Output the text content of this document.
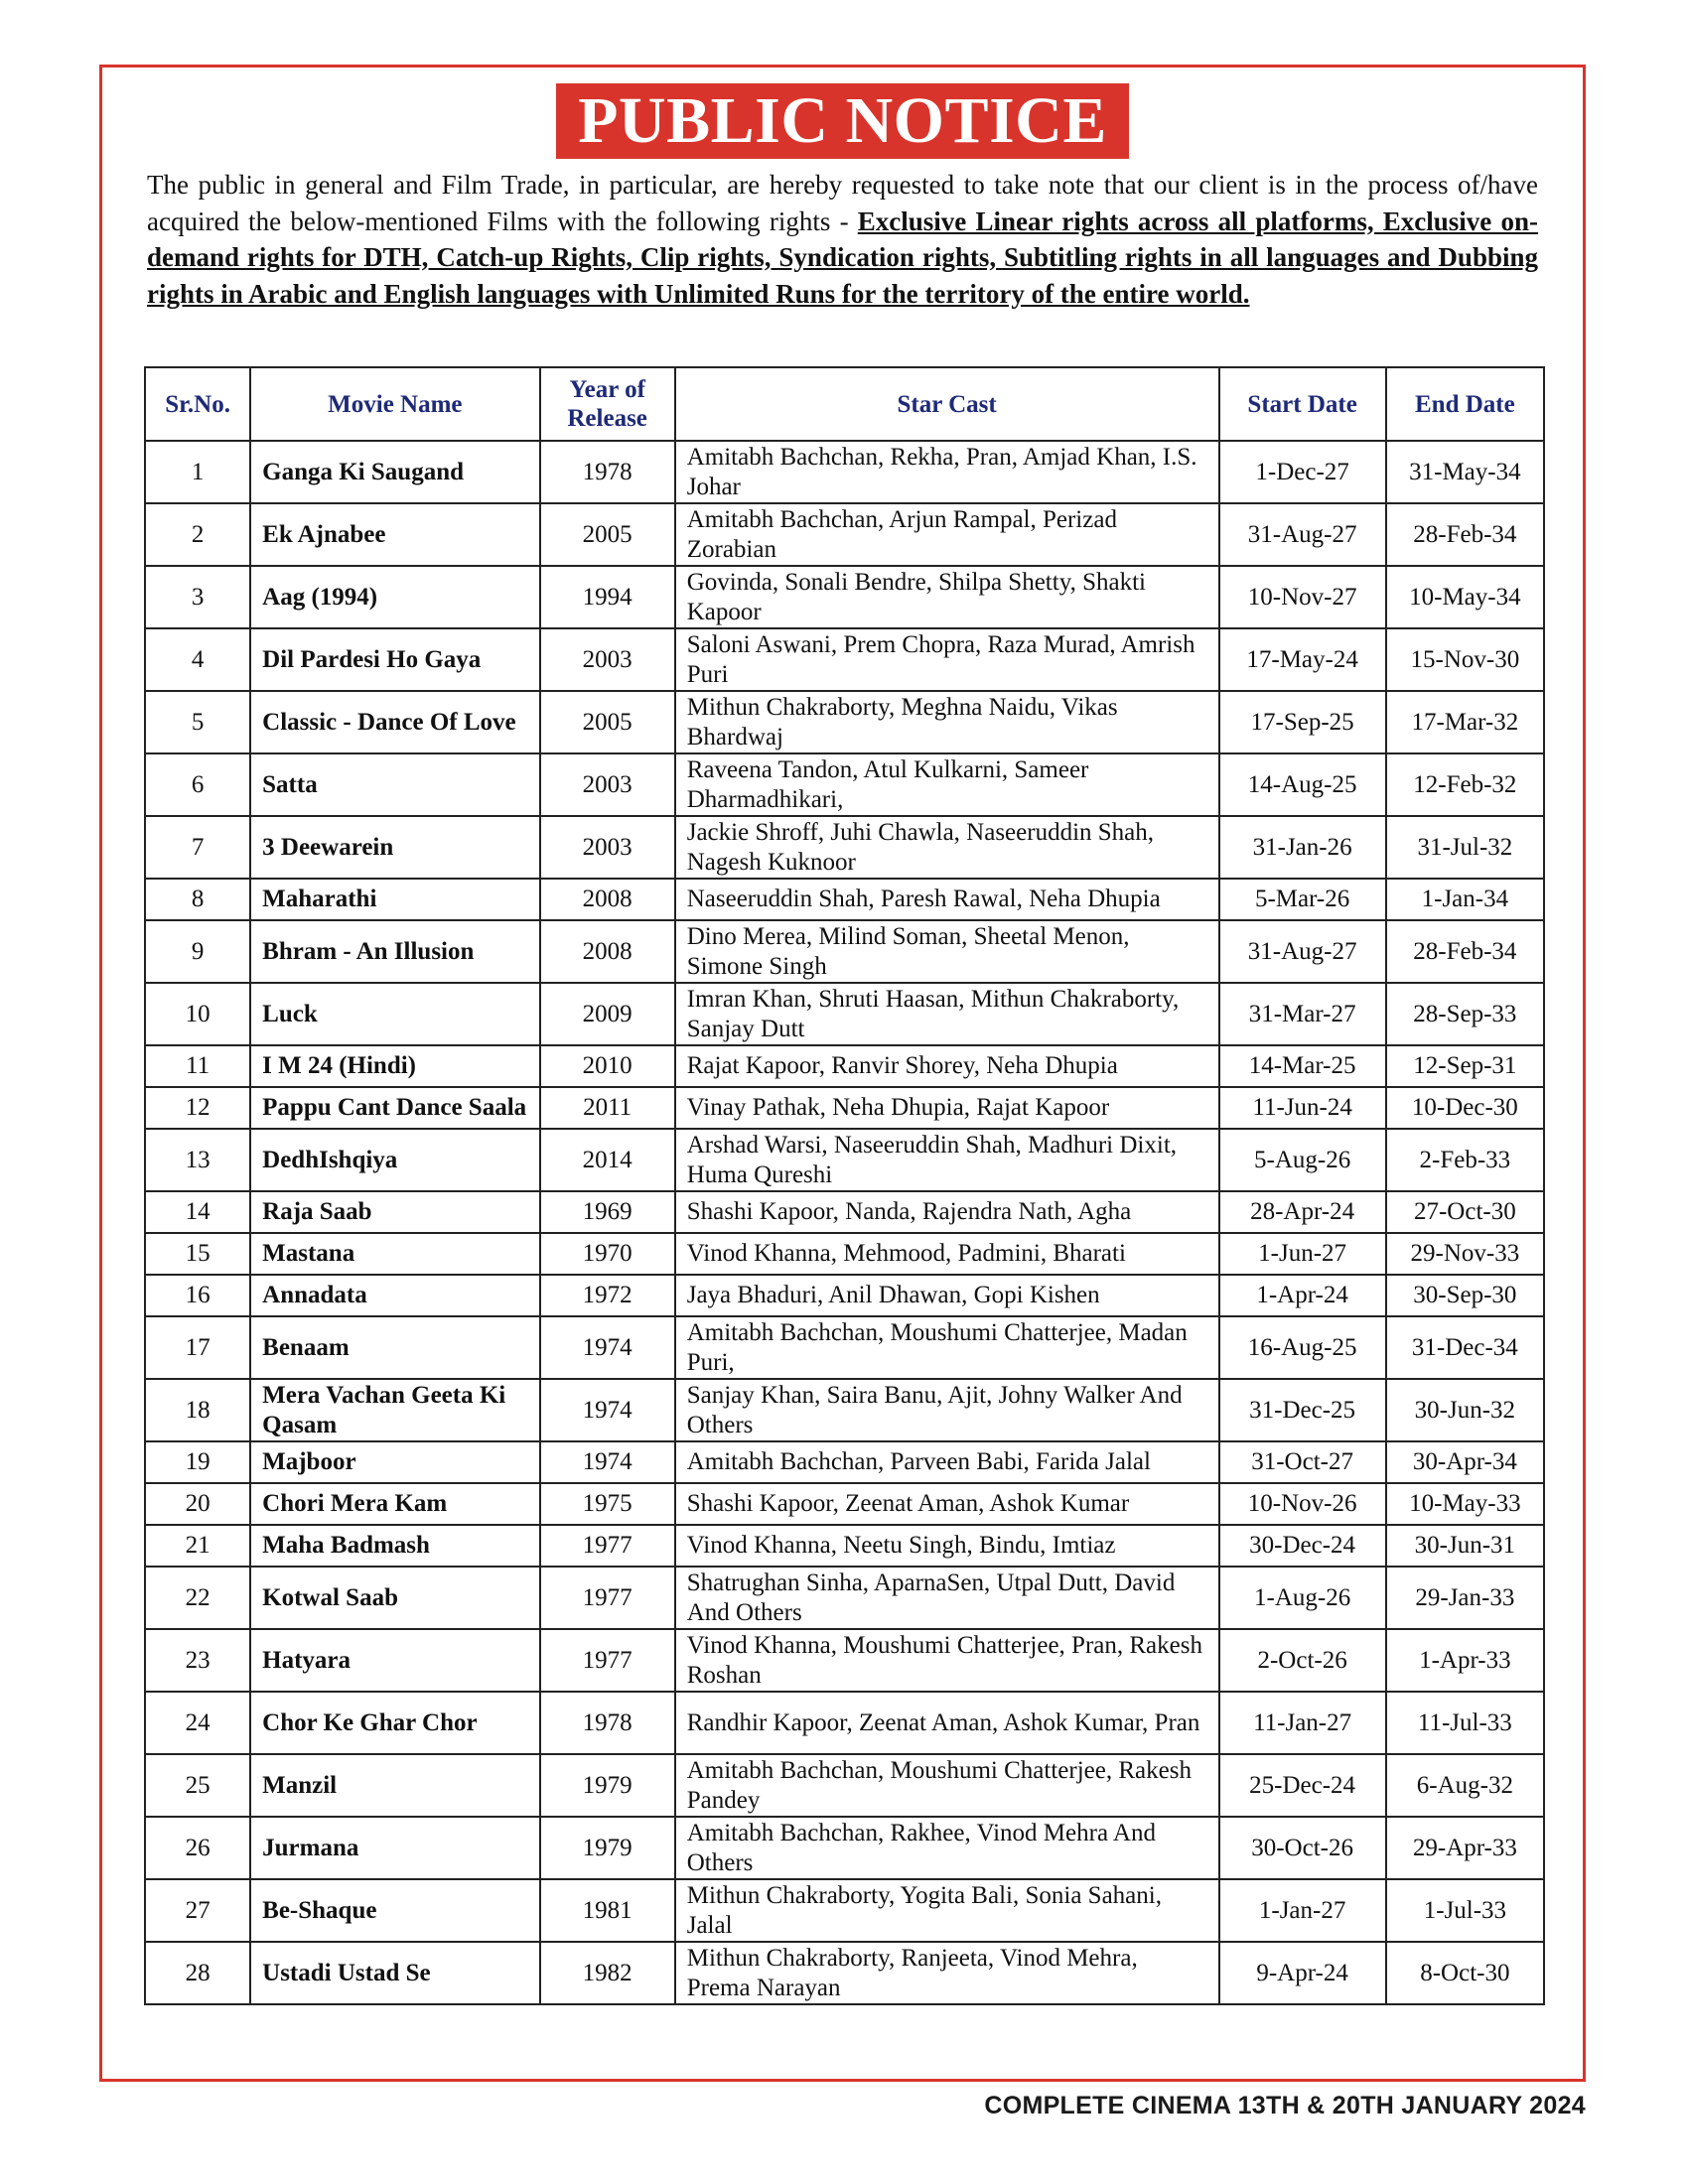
PUBLIC NOTICE
The public in general and Film Trade, in particular, are hereby requested to take note that our client is in the process of/have acquired the below-mentioned Films with the following rights - Exclusive Linear rights across all platforms, Exclusive on-demand rights for DTH, Catch-up Rights, Clip rights, Syndication rights, Subtitling rights in all languages and Dubbing rights in Arabic and English languages with Unlimited Runs for the territory of the entire world.
Sr.No.	Movie Name	Year of Release	Star Cast	Start Date	End Date
1	Ganga Ki Saugand	1978	Amitabh Bachchan, Rekha, Pran, Amjad Khan, I.S. Johar	1-Dec-27	31-May-34
2	Ek Ajnabee	2005	Amitabh Bachchan, Arjun Rampal, Perizad Zorabian	31-Aug-27	28-Feb-34
3	Aag (1994)	1994	Govinda, Sonali Bendre, Shilpa Shetty, Shakti Kapoor	10-Nov-27	10-May-34
4	Dil Pardesi Ho Gaya	2003	Saloni Aswani, Prem Chopra, Raza Murad, Amrish Puri	17-May-24	15-Nov-30
5	Classic - Dance Of Love	2005	Mithun Chakraborty, Meghna Naidu, Vikas Bhardwaj	17-Sep-25	17-Mar-32
6	Satta	2003	Raveena Tandon, Atul Kulkarni, Sameer Dharmadhikari,	14-Aug-25	12-Feb-32
7	3 Deewarein	2003	Jackie Shroff, Juhi Chawla, Naseeruddin Shah, Nagesh Kuknoor	31-Jan-26	31-Jul-32
8	Maharathi	2008	Naseeruddin Shah, Paresh Rawal, Neha Dhupia	5-Mar-26	1-Jan-34
9	Bhram - An Illusion	2008	Dino Merea, Milind Soman, Sheetal Menon, Simone Singh	31-Aug-27	28-Feb-34
10	Luck	2009	Imran Khan, Shruti Haasan, Mithun Chakraborty, Sanjay Dutt	31-Mar-27	28-Sep-33
11	I M 24 (Hindi)	2010	Rajat Kapoor, Ranvir Shorey, Neha Dhupia	14-Mar-25	12-Sep-31
12	Pappu Cant Dance Saala	2011	Vinay Pathak, Neha Dhupia, Rajat Kapoor	11-Jun-24	10-Dec-30
13	DedhIshqiya	2014	Arshad Warsi, Naseeruddin Shah, Madhuri Dixit, Huma Qureshi	5-Aug-26	2-Feb-33
14	Raja Saab	1969	Shashi Kapoor, Nanda, Rajendra Nath, Agha	28-Apr-24	27-Oct-30
15	Mastana	1970	Vinod Khanna, Mehmood, Padmini, Bharati	1-Jun-27	29-Nov-33
16	Annadata	1972	Jaya Bhaduri, Anil Dhawan, Gopi Kishen	1-Apr-24	30-Sep-30
17	Benaam	1974	Amitabh Bachchan, Moushumi Chatterjee, Madan Puri,	16-Aug-25	31-Dec-34
18	Mera Vachan Geeta Ki Qasam	1974	Sanjay Khan, Saira Banu, Ajit, Johny Walker And Others	31-Dec-25	30-Jun-32
19	Majboor	1974	Amitabh Bachchan, Parveen Babi, Farida Jalal	31-Oct-27	30-Apr-34
20	Chori Mera Kam	1975	Shashi Kapoor, Zeenat Aman, Ashok Kumar	10-Nov-26	10-May-33
21	Maha Badmash	1977	Vinod Khanna, Neetu Singh, Bindu, Imtiaz	30-Dec-24	30-Jun-31
22	Kotwal Saab	1977	Shatrughan Sinha, AparnaSen, Utpal Dutt, David And Others	1-Aug-26	29-Jan-33
23	Hatyara	1977	Vinod Khanna, Moushumi Chatterjee, Pran, Rakesh Roshan	2-Oct-26	1-Apr-33
24	Chor Ke Ghar Chor	1978	Randhir Kapoor, Zeenat Aman, Ashok Kumar, Pran	11-Jan-27	11-Jul-33
25	Manzil	1979	Amitabh Bachchan, Moushumi Chatterjee, Rakesh Pandey	25-Dec-24	6-Aug-32
26	Jurmana	1979	Amitabh Bachchan, Rakhee, Vinod Mehra And Others	30-Oct-26	29-Apr-33
27	Be-Shaque	1981	Mithun Chakraborty, Yogita Bali, Sonia Sahani, Jalal	1-Jan-27	1-Jul-33
28	Ustadi Ustad Se	1982	Mithun Chakraborty, Ranjeeta, Vinod Mehra, Prema Narayan	9-Apr-24	8-Oct-30
COMPLETE CINEMA 13TH & 20TH JANUARY 2024
